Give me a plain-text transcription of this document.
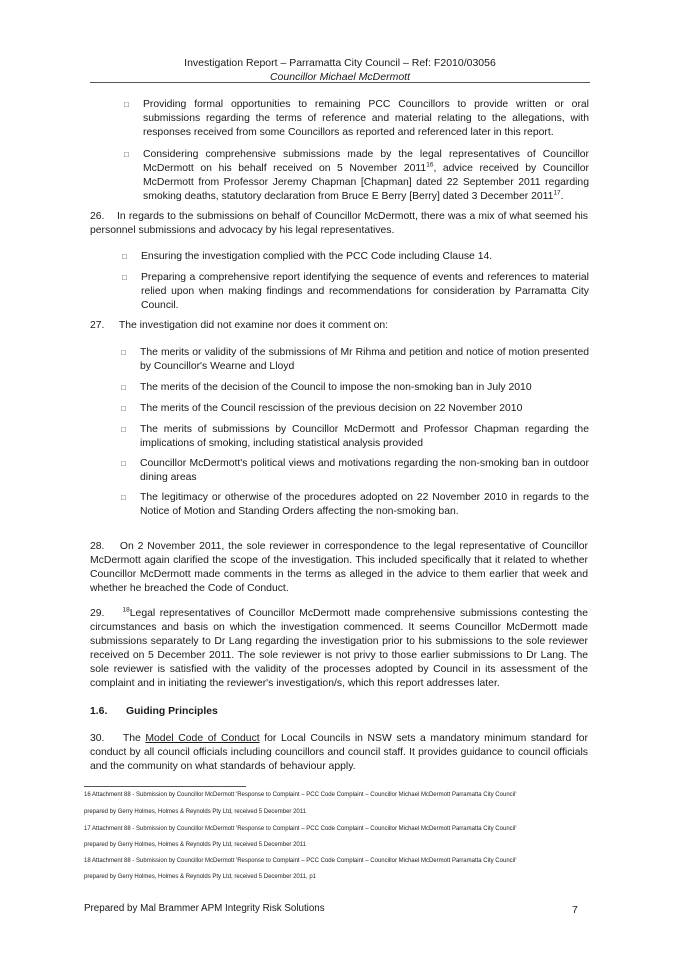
Investigation Report – Parramatta City Council – Ref: F2010/03056
Councillor Michael McDermott
□ Providing formal opportunities to remaining PCC Councillors to provide written or oral submissions regarding the terms of reference and material relating to the allegations, with responses received from some Councillors as reported and referenced later in this report.
□ Considering comprehensive submissions made by the legal representatives of Councillor McDermott on his behalf received on 5 November 2011$^{16}$, advice received by Councillor McDermott from Professor Jeremy Chapman [Chapman] dated 22 September 2011 regarding smoking deaths, statutory declaration from Bruce E Berry [Berry] dated 3 December 2011$^{17}$.
26. In regards to the submissions on behalf of Councillor McDermott, there was a mix of what seemed his personnel submissions and advocacy by his legal representatives.
□ Ensuring the investigation complied with the PCC Code including Clause 14.
□ Preparing a comprehensive report identifying the sequence of events and references to material relied upon when making findings and recommendations for consideration by Parramatta City Council.
27. The investigation did not examine nor does it comment on:
□ The merits or validity of the submissions of Mr Rihma and petition and notice of motion presented by Councillor's Wearne and Lloyd
□ The merits of the decision of the Council to impose the non-smoking ban in July 2010
□ The merits of the Council rescission of the previous decision on 22 November 2010
□ The merits of submissions by Councillor McDermott and Professor Chapman regarding the implications of smoking, including statistical analysis provided
□ Councillor McDermott's political views and motivations regarding the non-smoking ban in outdoor dining areas
□ The legitimacy or otherwise of the procedures adopted on 22 November 2010 in regards to the Notice of Motion and Standing Orders affecting the non-smoking ban.
28. On 2 November 2011, the sole reviewer in correspondence to the legal representative of Councillor McDermott again clarified the scope of the investigation. This included specifically that it related to whether Councillor McDermott made comments in the terms as alleged in the advice to them earlier that week and whether he breached the Code of Conduct.
29.	$^{18}$Legal representatives of Councillor McDermott made comprehensive submissions contesting the circumstances and basis on which the investigation commenced. It seems Councillor McDermott made submissions separately to Dr Lang regarding the investigation prior to his submissions to the sole reviewer received on 5 December 2011. The sole reviewer is not privy to those earlier submissions to Dr Lang. The sole reviewer is satisfied with the validity of the processes adopted by Council in its assessment of the complaint and in initiating the reviewer's investigation/s, which this report addresses later.
1.6. Guiding Principles
30. The Model Code of Conduct for Local Councils in NSW sets a mandatory minimum standard for conduct by all council officials including councillors and council staff. It provides guidance to council officials and the community on what standards of behaviour apply.
16 Attachment 88 - Submission by Councillor McDermott 'Response to Complaint – PCC Code Complaint – Councillor Michael McDermott Parramatta City Council'
prepared by Gerry Holmes, Holmes & Reynolds Pty Ltd, received 5 December 2011
17 Attachment 88 - Submission by Councillor McDermott 'Response to Complaint – PCC Code Complaint – Councillor Michael McDermott Parramatta City Council'
prepared by Gerry Holmes, Holmes & Reynolds Pty Ltd, received 5 December 2011
18 Attachment 88 - Submission by Councillor McDermott 'Response to Complaint – PCC Code Complaint – Councillor Michael McDermott Parramatta City Council'
prepared by Gerry Holmes, Holmes & Reynolds Pty Ltd, received 5 December 2011, p1
Prepared by Mal Brammer APM Integrity Risk Solutions	7
